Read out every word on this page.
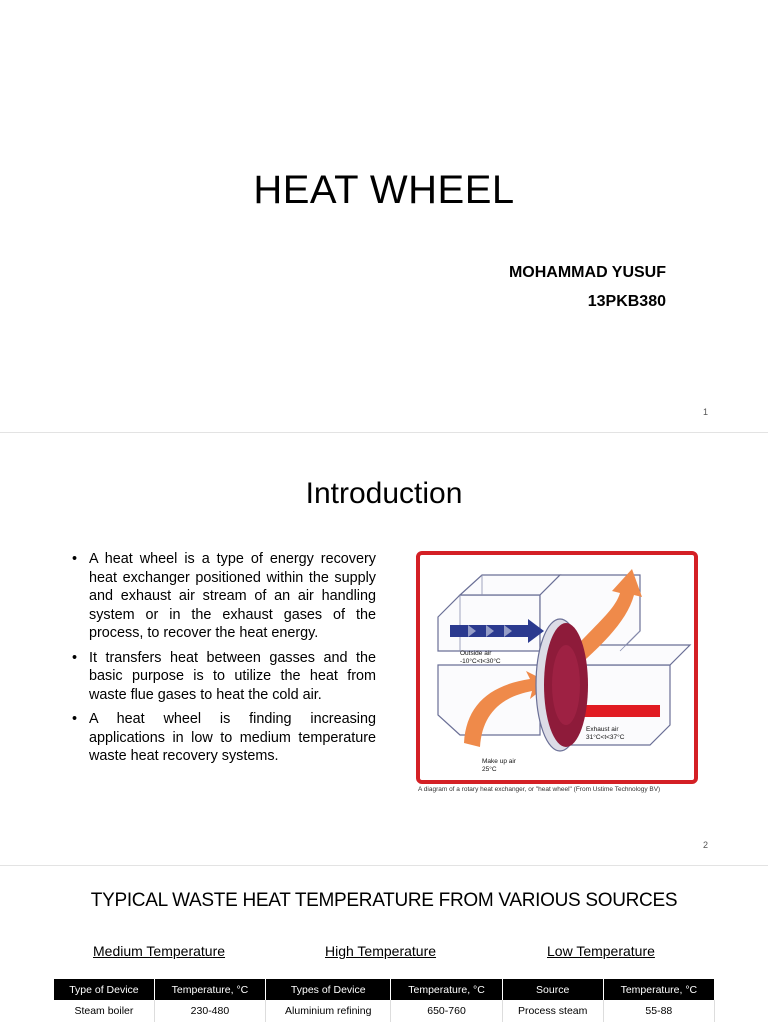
HEAT WHEEL
MOHAMMAD YUSUF
13PKB380
1
Introduction
• A heat wheel is a type of energy recovery heat exchanger positioned within the supply and exhaust air stream of an air handling system or in the exhaust gases of the process, to recover the heat energy.
• It transfers heat between gasses and the basic purpose is to utilize the heat from waste flue gases to heat the cold air.
• A heat wheel is finding increasing applications in low to medium temperature waste heat recovery systems.
Outside air
-10°C<t<30°C
Exhaust air
31°C<t<37°C
Make up air
25°C
A diagram of a rotary heat exchanger, or "heat wheel" (From Ustime Technology BV)
2
TYPICAL WASTE HEAT TEMPERATURE FROM VARIOUS SOURCES
Medium Temperature	High Temperature	Low Temperature
Type of Device	Temperature, °C	Types of Device	Temperature, °C	Source	Temperature, °C
Steam boiler	230-480	Aluminium refining	650-760	Process steam	55-88
